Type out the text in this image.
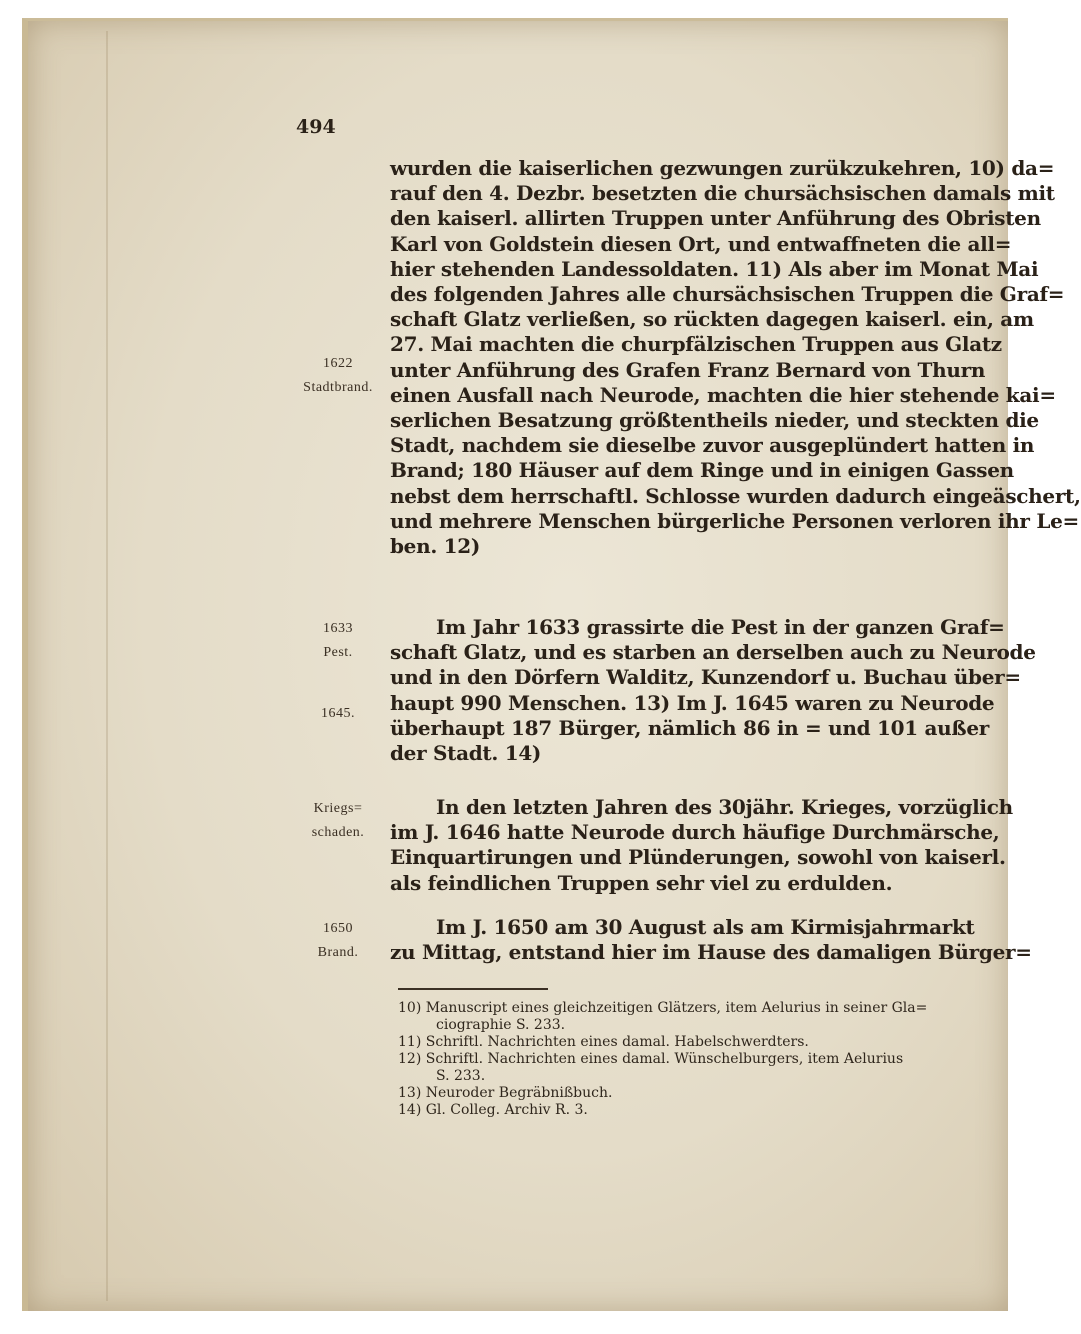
494
1622
Stadtbrand.
1633
Pest.
1645.
Kriegs=
schaden.
1650
Brand.
wurden die kaiserlichen gezwungen zurükzukehren, 10) da=
rauf den 4. Dezbr. besetzten die chursächsischen damals mit
den kaiserl. allirten Truppen unter Anführung des Obristen
Karl von Goldstein diesen Ort, und entwaffneten die all=
hier stehenden Landessoldaten. 11) Als aber im Monat Mai
des folgenden Jahres alle chursächsischen Truppen die Graf=
schaft Glatz verließen, so rückten dagegen kaiserl. ein, am
27. Mai machten die churpfälzischen Truppen aus Glatz
unter Anführung des Grafen Franz Bernard von Thurn
einen Ausfall nach Neurode, machten die hier stehende kai=
serlichen Besatzung größtentheils nieder, und steckten die
Stadt, nachdem sie dieselbe zuvor ausgeplündert hatten in
Brand; 180 Häuser auf dem Ringe und in einigen Gassen
nebst dem herrschaftl. Schlosse wurden dadurch eingeäschert,
und mehrere Menschen bürgerliche Personen verloren ihr Le=
ben. 12)
Im Jahr 1633 grassirte die Pest in der ganzen Graf=
schaft Glatz, und es starben an derselben auch zu Neurode
und in den Dörfern Walditz, Kunzendorf u. Buchau über=
haupt 990 Menschen. 13) Im J. 1645 waren zu Neurode
überhaupt 187 Bürger, nämlich 86 in = und 101 außer
der Stadt. 14)
In den letzten Jahren des 30jähr. Krieges, vorzüglich
im J. 1646 hatte Neurode durch häufige Durchmärsche,
Einquartirungen und Plünderungen, sowohl von kaiserl.
als feindlichen Truppen sehr viel zu erdulden.
Im J. 1650 am 30 August als am Kirmisjahrmarkt
zu Mittag, entstand hier im Hause des damaligen Bürger=
10) Manuscript eines gleichzeitigen Glätzers, item Aelurius in seiner Gla=
ciographie S. 233.
11) Schriftl. Nachrichten eines damal. Habelschwerdters.
12) Schriftl. Nachrichten eines damal. Wünschelburgers, item Aelurius
S. 233.
13) Neuroder Begräbnißbuch.
14) Gl. Colleg. Archiv R. 3.
